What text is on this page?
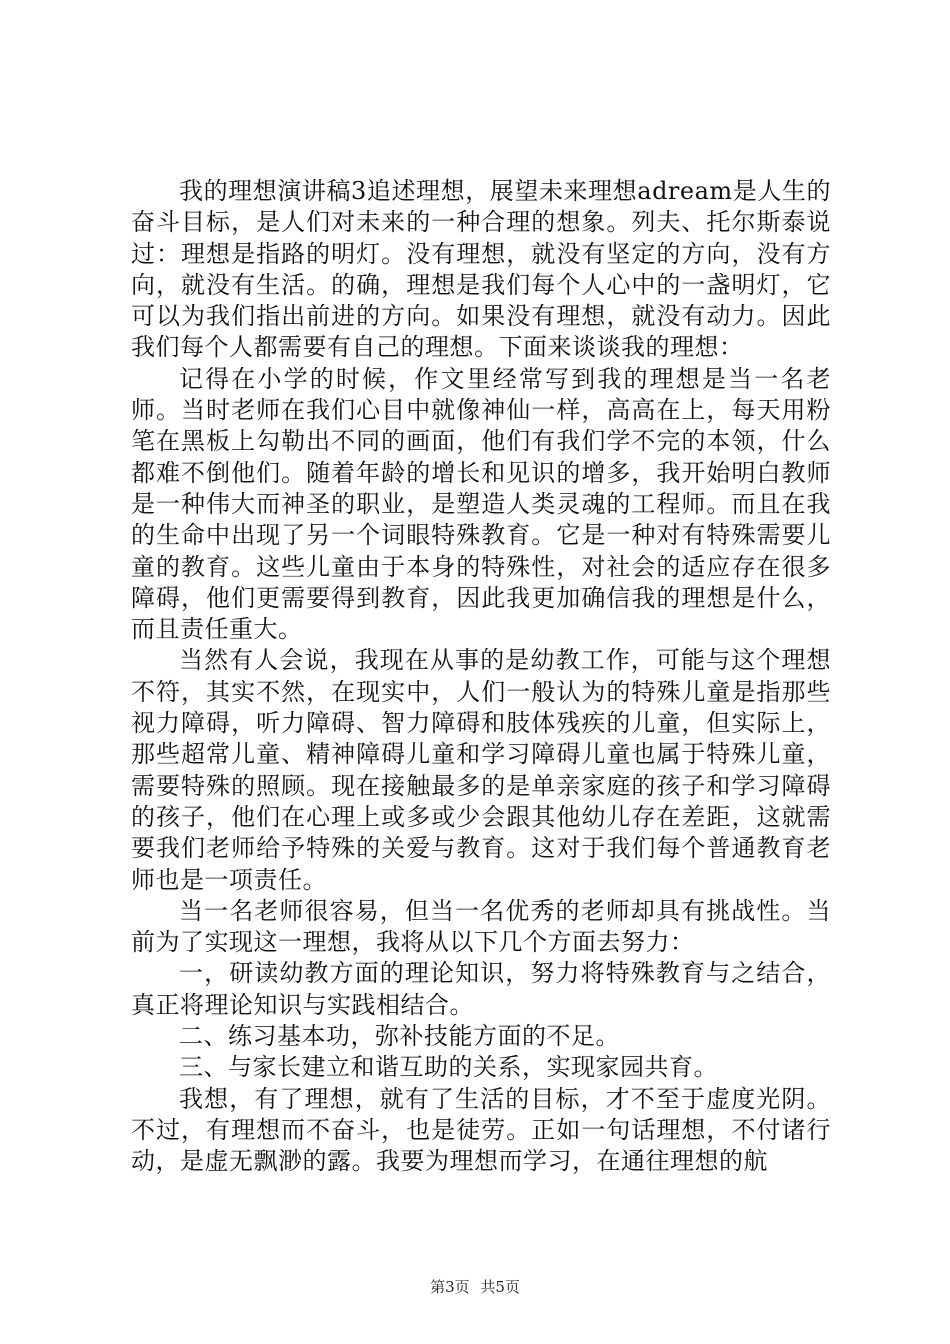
我的理想演讲稿3追述理想，展望未来理想adream是人生的奋斗目标，是人们对未来的一种合理的想象。列夫、托尔斯泰说过：理想是指路的明灯。没有理想，就没有坚定的方向，没有方向，就没有生活。的确，理想是我们每个人心中的一盏明灯，它可以为我们指出前进的方向。如果没有理想，就没有动力。因此我们每个人都需要有自己的理想。下面来谈谈我的理想：

记得在小学的时候，作文里经常写到我的理想是当一名老师。当时老师在我们心目中就像神仙一样，高高在上，每天用粉笔在黑板上勾勒出不同的画面，他们有我们学不完的本领，什么都难不倒他们。随着年龄的增长和见识的增多，我开始明白教师是一种伟大而神圣的职业，是塑造人类灵魂的工程师。而且在我的生命中出现了另一个词眼特殊教育。它是一种对有特殊需要儿童的教育。这些儿童由于本身的特殊性，对社会的适应存在很多障碍，他们更需要得到教育，因此我更加确信我的理想是什么，而且责任重大。

当然有人会说，我现在从事的是幼教工作，可能与这个理想不符，其实不然，在现实中，人们一般认为的特殊儿童是指那些视力障碍，听力障碍、智力障碍和肢体残疾的儿童，但实际上，那些超常儿童、精神障碍儿童和学习障碍儿童也属于特殊儿童，需要特殊的照顾。现在接触最多的是单亲家庭的孩子和学习障碍的孩子，他们在心理上或多或少会跟其他幼儿存在差距，这就需要我们老师给予特殊的关爱与教育。这对于我们每个普通教育老师也是一项责任。

当一名老师很容易，但当一名优秀的老师却具有挑战性。当前为了实现这一理想，我将从以下几个方面去努力：

一，研读幼教方面的理论知识，努力将特殊教育与之结合，真正将理论知识与实践相结合。

二、练习基本功，弥补技能方面的不足。

三、与家长建立和谐互助的关系，实现家园共育。

我想，有了理想，就有了生活的目标，才不至于虚度光阴。不过，有理想而不奋斗，也是徒劳。正如一句话理想，不付诸行动，是虚无飘渺的露。我要为理想而学习，在通往理想的航

第3页 共5页
